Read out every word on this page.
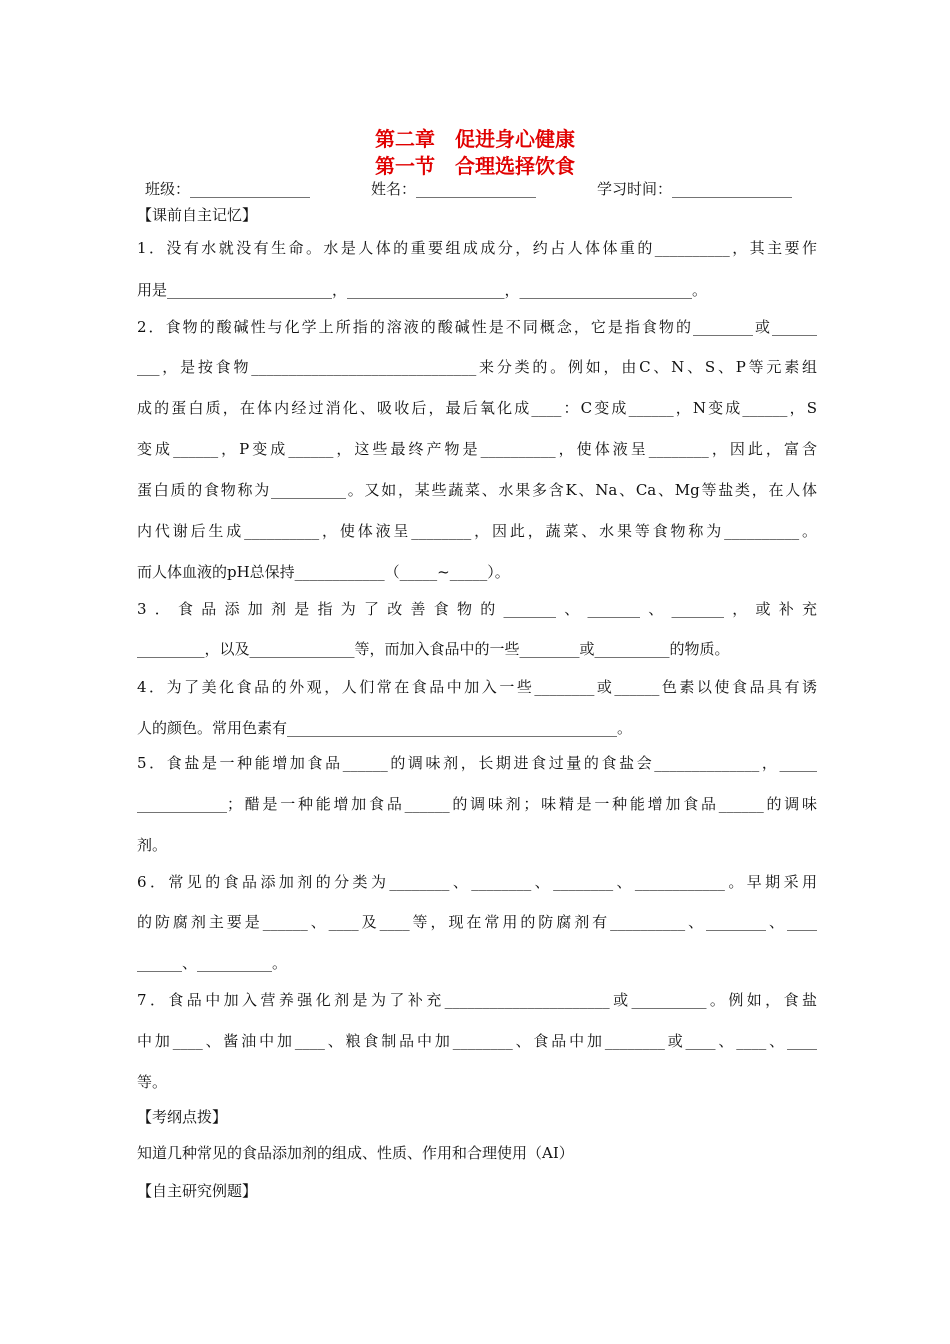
第二章　促进身心健康
第一节　合理选择饮食

班级：________________

	姓名：________________

	学习时间：________________

【课前自主记忆】
1．没有水就没有生命。水是人体的重要组成成分，约占人体体重的__________，其主要作
用是______________________，_____________________，_______________________。
2．食物的酸碱性与化学上所指的溶液的酸碱性是不同概念，它是指食物的________或______
___，是按食物______________________________来分类的。例如，由C、N、S、P等元素组
成的蛋白质，在体内经过消化、吸收后，最后氧化成____：C变成______，N变成______，S
变成______，P变成______，这些最终产物是__________，使体液呈________，因此，富含
蛋白质的食物称为__________。又如，某些蔬菜、水果多含K、Na、Ca、Mg等盐类，在人体
内代谢后生成__________，使体液呈________，因此，蔬菜、水果等食物称为__________。
而人体血液的pH总保持____________（_____~_____）。
3．食品添加剂是指为了改善食物的_______、_______、_______，或补充
_________，以及______________等，而加入食品中的一些________或__________的物质。
4．为了美化食品的外观，人们常在食品中加入一些________或______色素以使食品具有诱
人的颜色。常用色素有____________________________________________。
5．食盐是一种能增加食品______的调味剂，长期进食过量的食盐会______________，_____
____________；醋是一种能增加食品______的调味剂；味精是一种能增加食品______的调味
剂。
6．常见的食品添加剂的分类为________、________、________、____________。早期采用
的防腐剂主要是______、____及____等，现在常用的防腐剂有__________、________、____
______、__________。
7．食品中加入营养强化剂是为了补充______________________或__________。例如，食盐
中加____、酱油中加____、粮食制品中加________、食品中加________或____、____、____
等。
【考纲点拨】
知道几种常见的食品添加剂的组成、性质、作用和合理使用（AI）
【自主研究例题】
